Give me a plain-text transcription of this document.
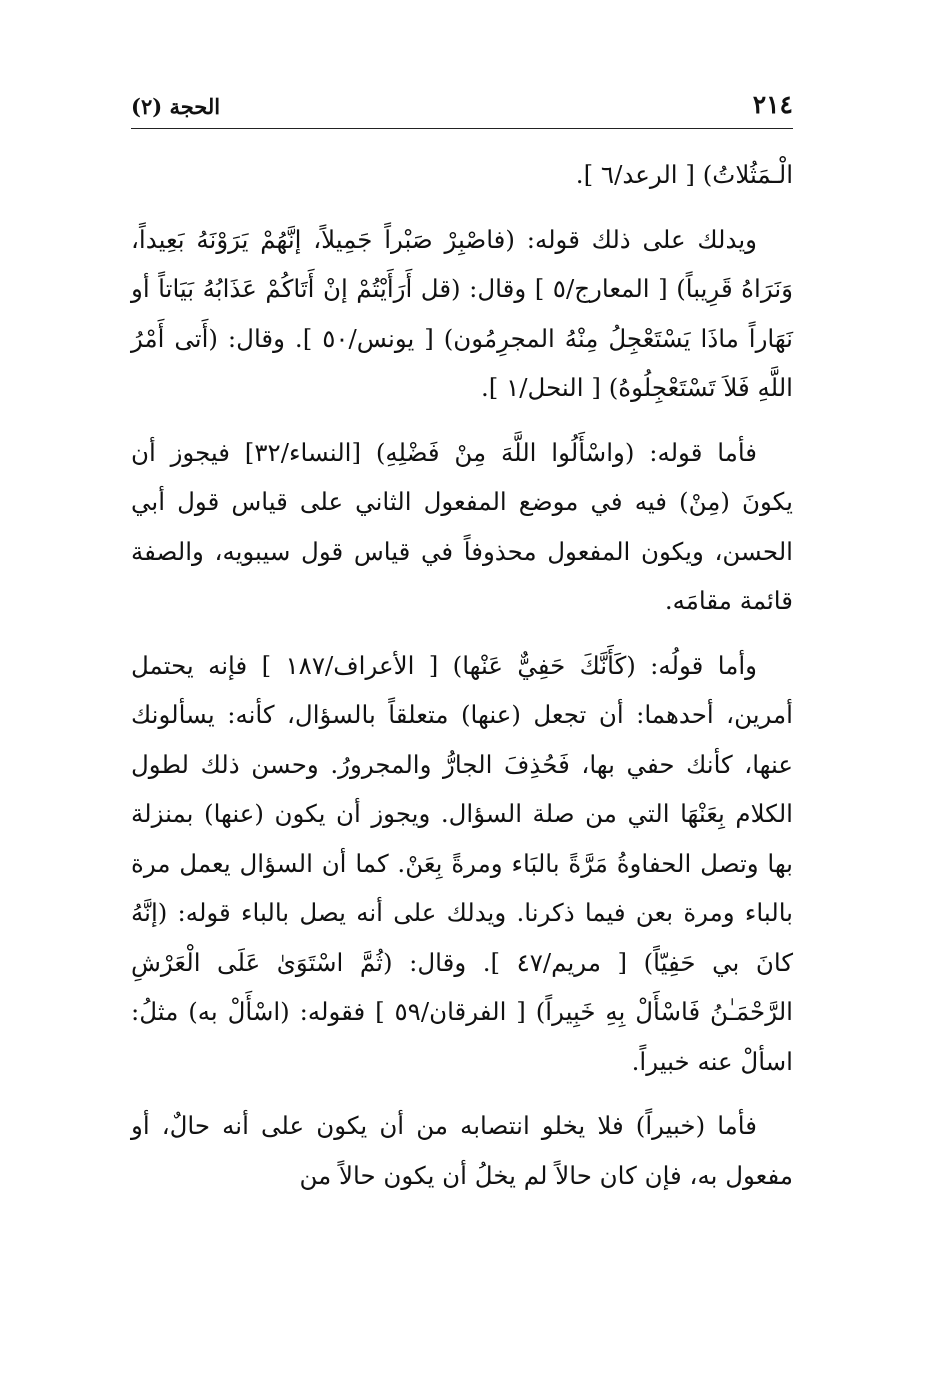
٢١٤
الحجة (٢)

الْـمَثُلاتُ) [ الرعد/٦ ].

ويدلك على ذلك قوله: (فاصْبِرْ صَبْراً جَمِيلاً، إنَّهُمْ يَرَوْنَهُ بَعِيداً، وَنَرَاهُ قَرِيباً) [ المعارج/٥ ] وقال: (قل أَرَأَيْتُمْ إنْ أَتَاكُمْ عَذَابُهُ بَيَاتاً أو نَهَاراً ماذَا يَسْتَعْجِلُ مِنْهُ المجرِمُون) [ يونس/٥٠ ]. وقال: (أَتى أَمْرُ اللَّهِ فَلاَ تَسْتَعْجِلُوهُ) [ النحل/١ ].

فأما قوله: (واسْأَلُوا اللَّهَ مِنْ فَضْلِهِ) [النساء/٣٢] فيجوز أن يكونَ (مِنْ) فيه في موضع المفعول الثاني على قياس قول أبي الحسن، ويكون المفعول محذوفاً في قياس قول سيبويه، والصفة قائمة مقامَه.

وأما قولُه: (كَأَنَّكَ حَفِيٌّ عَنْها) [ الأعراف/١٨٧ ] فإنه يحتمل أمرين، أحدهما: أن تجعل (عنها) متعلقاً بالسؤال، كأنه: يسألونك عنها، كأنك حفي بها، فَحُذِفَ الجارُّ والمجرورُ. وحسن ذلك لطول الكلام بِعَنْهَا التي من صلة السؤال. ويجوز أن يكون (عنها) بمنزلة بها وتصل الحفاوةُ مَرَّةً بالبَاء ومرةً بِعَنْ. كما أن السؤال يعمل مرة بالباء ومرة بعن فيما ذكرنا. ويدلك على أنه يصل بالباء قوله: (إنَّهُ كانَ بي حَفِيّاً) [ مريم/٤٧ ]. وقال: (ثُمَّ اسْتَوَىٰ عَلَى الْعَرْشِ الرَّحْمَـٰنُ فَاسْأَلْ بِهِ خَبِيراً) [ الفرقان/٥٩ ] فقوله: (اسْأَلْ به) مثلُ: اسألْ عنه خبيراً.

فأما (خبيراً) فلا يخلو انتصابه من أن يكون على أنه حالٌ، أو مفعول به، فإن كان حالاً لم يخلُ أن يكون حالاً من
